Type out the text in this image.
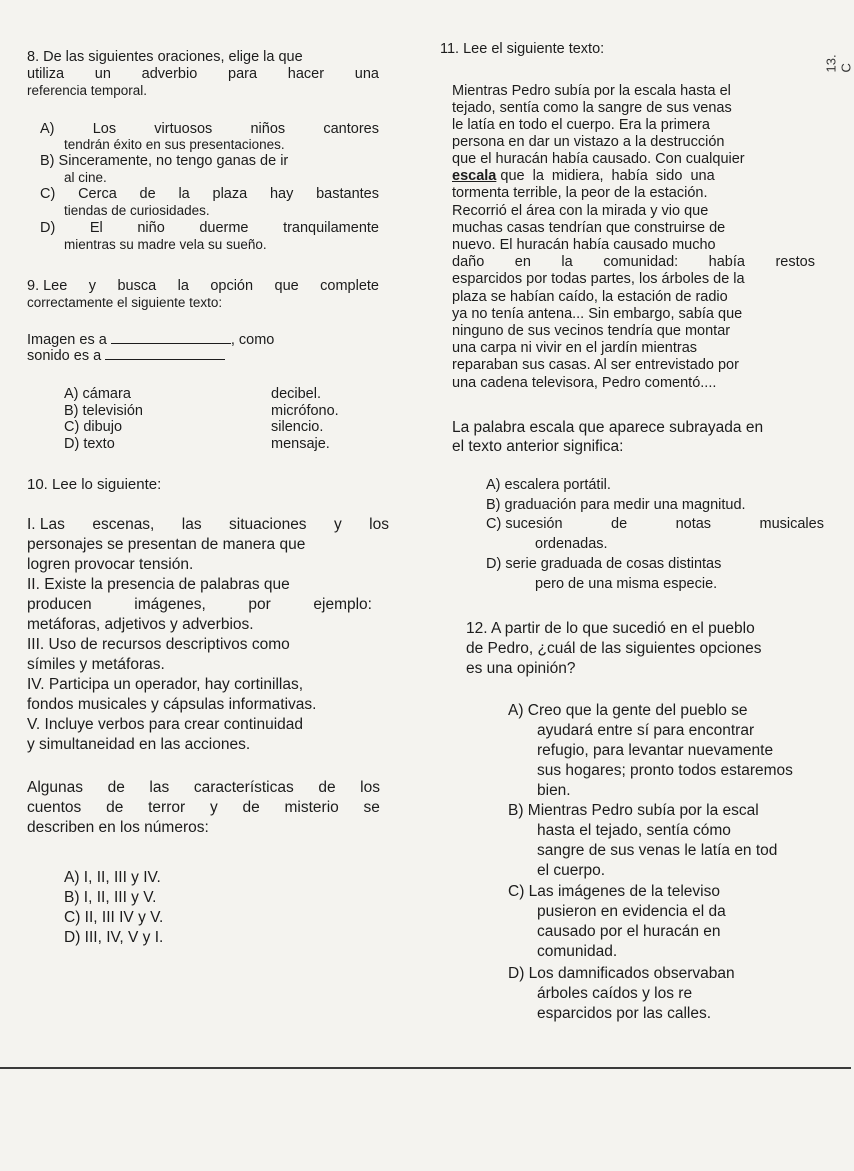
8. De las siguientes oraciones, elige la que
utiliza un adverbio para hacer una
referencia temporal.
A)	Los	virtuosos	niños	cantores
tendrán éxito en sus presentaciones.
B) Sinceramente, no tengo ganas de ir
al cine.
C) Cerca de la plaza hay bastantes
tiendas de curiosidades.
D) El niño duerme tranquilamente
mientras su madre vela su sueño.
9. Lee y busca la opción que complete
correctamente el siguiente texto:
Imagen es a	, como
sonido es a
A) cámara	decibel.
B) televisión	micrófono.
C) dibujo	silencio.
D) texto	mensaje.
10. Lee lo siguiente:
I. Las escenas, las situaciones y los
personajes se presentan de manera que
logren provocar tensión.
II. Existe la presencia de palabras que
producen	imágenes,	por	ejemplo:
metáforas, adjetivos y adverbios.
III. Uso de recursos descriptivos como
símiles y metáforas.
IV. Participa un operador, hay cortinillas,
fondos musicales y cápsulas informativas.
V. Incluye verbos para crear continuidad
y simultaneidad en las acciones.
Algunas de las características de los
cuentos de terror y de misterio se
describen en los números:
A) I, II, III y IV.
B) I, II, III y V.
C) II, III IV y V.
D) III, IV, V y I.
11. Lee el siguiente texto:
Mientras Pedro subía por la escala hasta el
tejado, sentía como la sangre de sus venas
le latía en todo el cuerpo. Era la primera
persona en dar un vistazo a la destrucción
que el huracán había causado. Con cualquier
escala que la midiera, había sido una
tormenta terrible, la peor de la estación.
Recorrió el área con la mirada y vio que
muchas casas tendrían que construirse de
nuevo. El huracán había causado mucho
daño en la comunidad: había restos
esparcidos por todas partes, los árboles de la
plaza se habían caído, la estación de radio
ya no tenía antena... Sin embargo, sabía que
ninguno de sus vecinos tendría que montar
una carpa ni vivir en el jardín mientras
reparaban sus casas. Al ser entrevistado por
una cadena televisora, Pedro comentó....
La palabra escala que aparece subrayada en
el texto anterior significa:
A) escalera portátil.
B) graduación para medir una magnitud.
C) sucesión	de	notas	musicales
ordenadas.
D) serie graduada de cosas distintas
pero de una misma especie.
12. A partir de lo que sucedió en el pueblo
de Pedro, ¿cuál de las siguientes opciones
es una opinión?
A) Creo que la gente del pueblo se
ayudará entre sí para encontrar
refugio, para levantar nuevamente
sus hogares; pronto todos estaremos
bien.
B) Mientras Pedro subía por la escal
hasta el tejado, sentía cómo
sangre de sus venas le latía en tod
el cuerpo.
C) Las imágenes de la televiso
pusieron en evidencia el da
causado por el huracán en
comunidad.
D) Los damnificados observaban
árboles caídos y los re
esparcidos por las calles.
13. C
